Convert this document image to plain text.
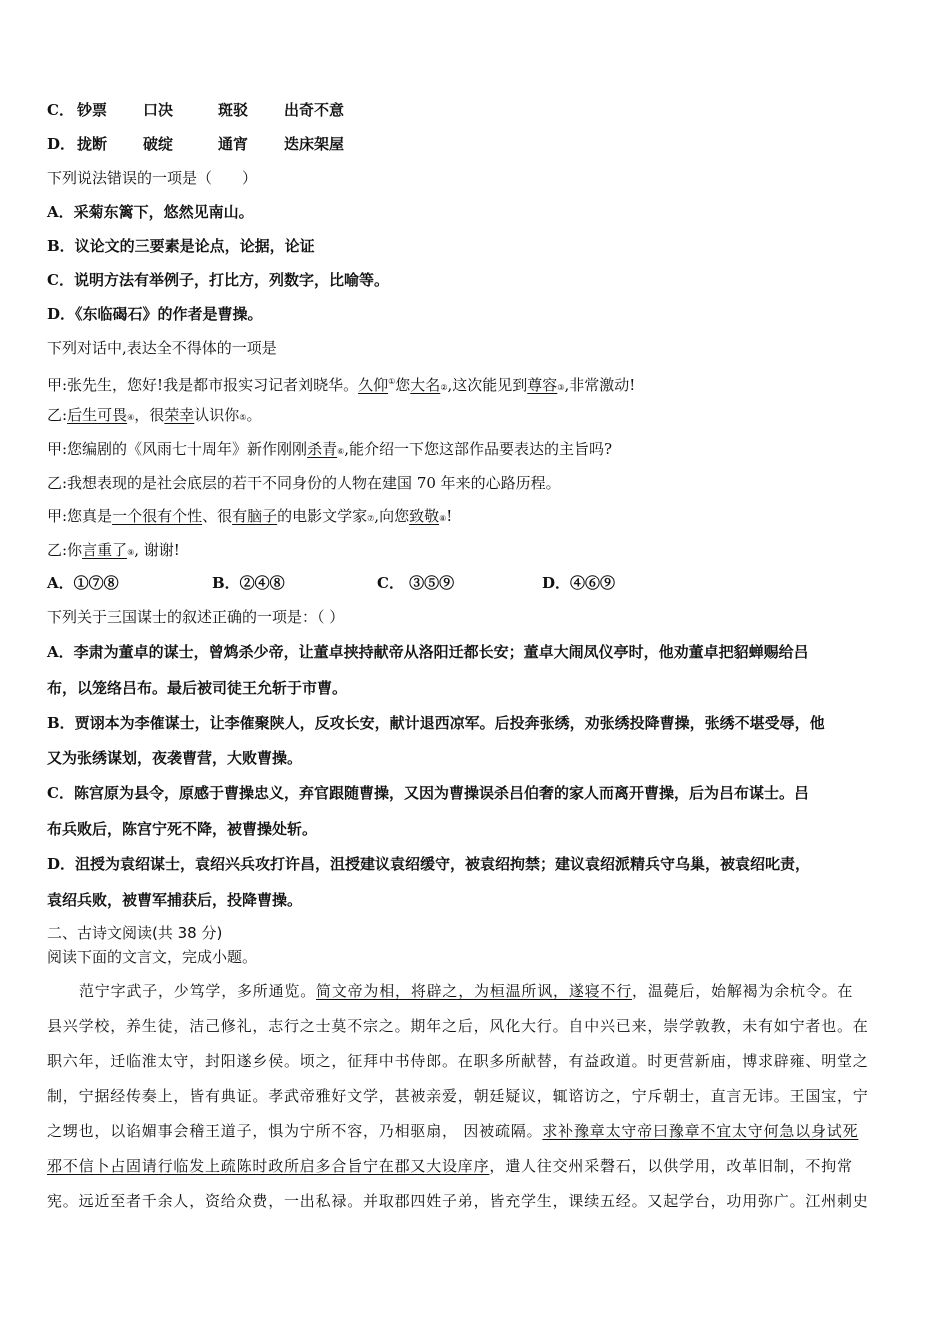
C． 钞票 口决	斑驳 出奇不意
D． 拢断 破绽	通宵 迭床架屋
下列说法错误的一项是（　　）
A．采菊东篱下，悠然见南山。
B．议论文的三要素是论点，论据，论证
C．说明方法有举例子，打比方，列数字，比喻等。
D．《东临碣石》的作者是曹操。
下列对话中,表达全不得体的一项是
甲:张先生，您好!我是都市报实习记者刘晓华。久仰①您大名②,这次能见到尊容③,非常激动!
乙:后生可畏④，很荣幸认识你⑤。
甲:您编剧的《风雨七十周年》新作刚刚杀青⑥,能介绍一下您这部作品要表达的主旨吗?
乙:我想表现的是社会底层的若干不同身份的人物在建国 70 年来的心路历程。
甲:您真是一个很有个性、很有脑子的电影文学家⑦,向您致敬⑧!
乙:你言重了⑨, 谢谢!
A．①⑦⑧	B．②④⑧	C． ③⑤⑨	D．④⑥⑨
下列关于三国谋士的叙述正确的一项是：（ ）
A．李肃为董卓的谋士，曾鸩杀少帝，让董卓挟持献帝从洛阳迁都长安；董卓大闹凤仪亭时，他劝董卓把貂蝉赐给吕
布，以笼络吕布。最后被司徒王允斩于市曹。
B．贾诩本为李傕谋士，让李傕聚陕人，反攻长安，献计退西凉军。后投奔张绣，劝张绣投降曹操，张绣不堪受辱，他
又为张绣谋划，夜袭曹营，大败曹操。
C．陈宫原为县令，原感于曹操忠义，弃官跟随曹操，又因为曹操误杀吕伯奢的家人而离开曹操，后为吕布谋士。吕
布兵败后，陈宫宁死不降，被曹操处斩。
D．沮授为袁绍谋士，袁绍兴兵攻打许昌，沮授建议袁绍缓守，被袁绍拘禁；建议袁绍派精兵守乌巢，被袁绍叱责，
袁绍兵败，被曹军捕获后，投降曹操。
二、古诗文阅读(共 38 分)
阅读下面的文言文，完成小题。
范宁字武子，少笃学，多所通览。简文帝为相，将辟之，为桓温所讽，遂寝不行，温薨后，始解褐为余杭令。在
县兴学校，养生徒，洁己修礼，志行之士莫不宗之。期年之后，风化大行。自中兴已来，崇学敦教，未有如宁者也。在
职六年，迁临淮太守，封阳遂乡侯。顷之，征拜中书侍郎。在职多所献替，有益政道。时更营新庙，博求辟雍、明堂之
制，宁据经传奏上，皆有典证。孝武帝雅好文学，甚被亲爱，朝廷疑议，辄谘访之，宁斥朝士，直言无讳。王国宝，宁
之甥也，以谄媚事会稽王道子，惧为宁所不容，乃相驱扇， 因被疏隔。求补豫章太守帝曰豫章不宜太守何急以身试死
邪不信卜占固请行临发上疏陈时政所启多合旨宁在郡又大设庠序，遣人往交州采磬石，以供学用，改革旧制，不拘常
宪。远近至者千余人，资给众费，一出私禄。并取郡四姓子弟，皆充学生，课续五经。又起学台，功用弥广。江州刺史
